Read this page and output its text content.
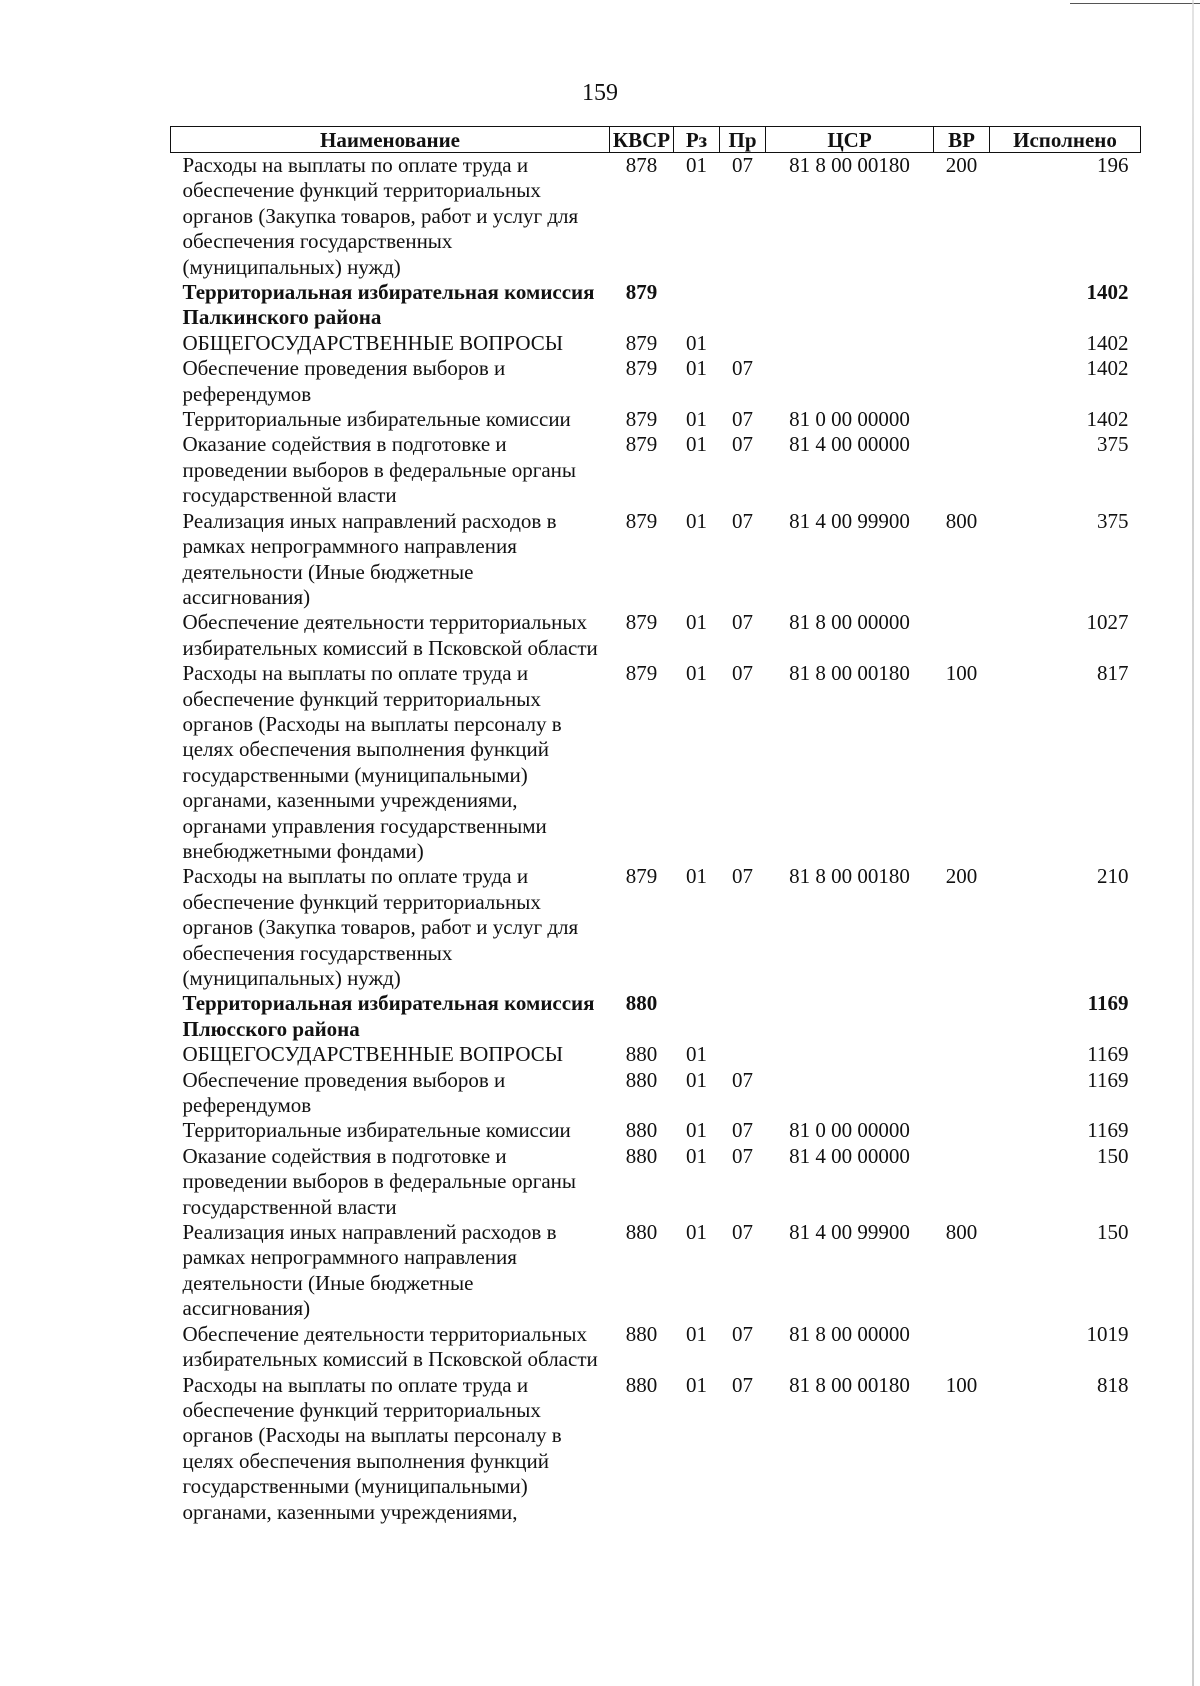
159
Наименование	КВСР	Рз	Пр	ЦСР	ВР	Исполнено
Расходы на выплаты по оплате труда и обеспечение функций территориальных органов (Закупка товаров, работ и услуг для обеспечения государственных (муниципальных) нужд)	878	01	07	81 8 00 00180	200	196
Территориальная избирательная комиссия Палкинского района	879					1402
ОБЩЕГОСУДАРСТВЕННЫЕ ВОПРОСЫ	879	01				1402
Обеспечение проведения выборов и референдумов	879	01	07			1402
Территориальные избирательные комиссии	879	01	07	81 0 00 00000		1402
Оказание содействия в подготовке и проведении выборов в федеральные органы государственной власти	879	01	07	81 4 00 00000		375
Реализация иных направлений расходов в рамках непрограммного направления деятельности (Иные бюджетные ассигнования)	879	01	07	81 4 00 99900	800	375
Обеспечение деятельности территориальных избирательных комиссий в Псковской области	879	01	07	81 8 00 00000		1027
Расходы на выплаты по оплате труда и обеспечение функций территориальных органов (Расходы на выплаты персоналу в целях обеспечения выполнения функций государственными (муниципальными) органами, казенными учреждениями, органами управления государственными внебюджетными фондами)	879	01	07	81 8 00 00180	100	817
Расходы на выплаты по оплате труда и обеспечение функций территориальных органов (Закупка товаров, работ и услуг для обеспечения государственных (муниципальных) нужд)	879	01	07	81 8 00 00180	200	210
Территориальная избирательная комиссия Плюсского района	880					1169
ОБЩЕГОСУДАРСТВЕННЫЕ ВОПРОСЫ	880	01				1169
Обеспечение проведения выборов и референдумов	880	01	07			1169
Территориальные избирательные комиссии	880	01	07	81 0 00 00000		1169
Оказание содействия в подготовке и проведении выборов в федеральные органы государственной власти	880	01	07	81 4 00 00000		150
Реализация иных направлений расходов в рамках непрограммного направления деятельности (Иные бюджетные ассигнования)	880	01	07	81 4 00 99900	800	150
Обеспечение деятельности территориальных избирательных комиссий в Псковской области	880	01	07	81 8 00 00000		1019
Расходы на выплаты по оплате труда и обеспечение функций территориальных органов (Расходы на выплаты персоналу в целях обеспечения выполнения функций государственными (муниципальными) органами, казенными учреждениями,	880	01	07	81 8 00 00180	100	818
